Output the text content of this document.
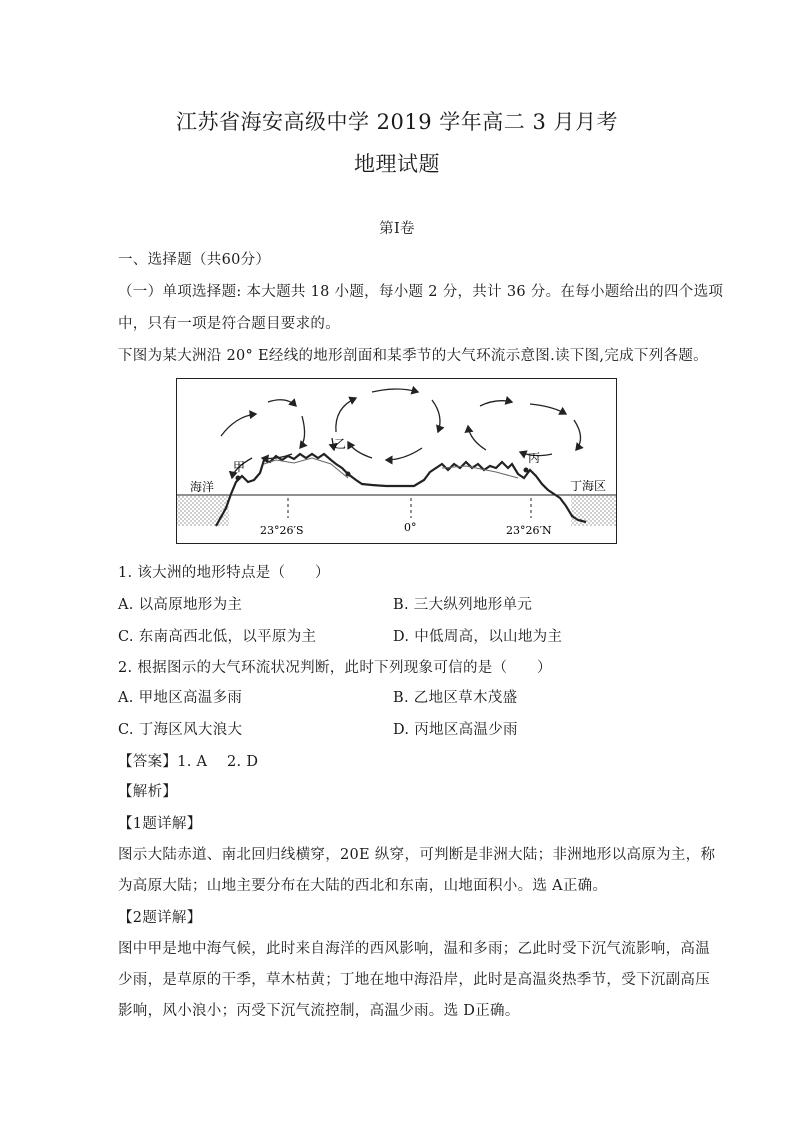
江苏省海安高级中学 2019 学年高二 3 月月考
地理试题
第Ⅰ卷
一、选择题（共60分）
（一）单项选择题: 本大题共 18 小题，每小题 2 分，共计 36 分。在每小题给出的四个选项
中，只有一项是符合题目要求的。
下图为某大洲沿 20° E经线的地形剖面和某季节的大气环流示意图.读下图,完成下列各题。
甲
乙
丙
海洋	丁海区
23°26′S	0°	23°26′N
1. 该大洲的地形特点是（　　）
A. 以高原地形为主	B. 三大纵列地形单元
C. 东南高西北低，以平原为主	D. 中低周高，以山地为主
2. 根据图示的大气环流状况判断，此时下列现象可信的是（　　）
A. 甲地区高温多雨	B. 乙地区草木茂盛
C. 丁海区风大浪大	D. 丙地区高温少雨
【答案】1. A　 2. D
【解析】
【1题详解】
图示大陆赤道、南北回归线横穿，20E 纵穿，可判断是非洲大陆；非洲地形以高原为主，称
为高原大陆；山地主要分布在大陆的西北和东南，山地面积小。选 A正确。
【2题详解】
图中甲是地中海气候，此时来自海洋的西风影响，温和多雨；乙此时受下沉气流影响，高温
少雨，是草原的干季，草木枯黄；丁地在地中海沿岸，此时是高温炎热季节，受下沉副高压
影响，风小浪小；丙受下沉气流控制，高温少雨。选 D正确。
